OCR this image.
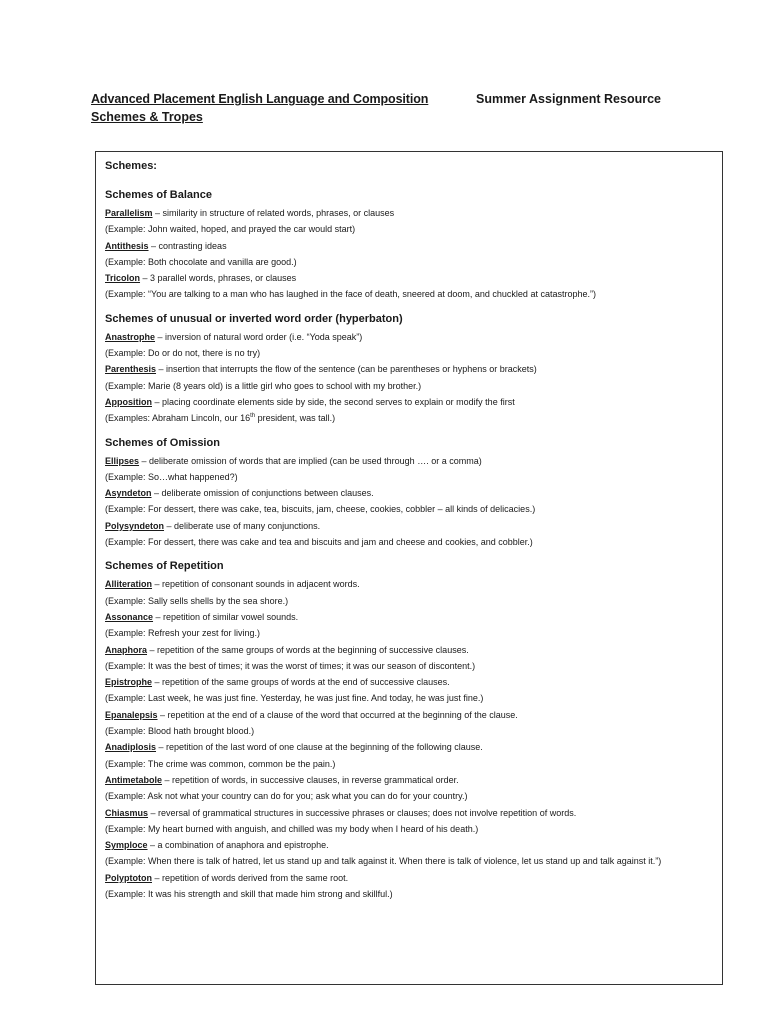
Advanced Placement English Language and Composition	Summer Assignment Resource
Schemes & Tropes
Schemes:
Schemes of Balance
Parallelism – similarity in structure of related words, phrases, or clauses
(Example: John waited, hoped, and prayed the car would start)
Antithesis – contrasting ideas
(Example: Both chocolate and vanilla are good.)
Tricolon – 3 parallel words, phrases, or clauses
(Example: “You are talking to a man who has laughed in the face of death, sneered at doom, and chuckled at catastrophe.”)
Schemes of unusual or inverted word order (hyperbaton)
Anastrophe – inversion of natural word order (i.e. “Yoda speak”)
(Example: Do or do not, there is no try)
Parenthesis – insertion that interrupts the flow of the sentence (can be parentheses or hyphens or brackets)
(Example: Marie (8 years old) is a little girl who goes to school with my brother.)
Apposition – placing coordinate elements side by side, the second serves to explain or modify the first
(Examples: Abraham Lincoln, our 16th president, was tall.)
Schemes of Omission
Ellipses – deliberate omission of words that are implied (can be used through …. or a comma)
(Example: So…what happened?)
Asyndeton – deliberate omission of conjunctions between clauses.
(Example: For dessert, there was cake, tea, biscuits, jam, cheese, cookies, cobbler – all kinds of delicacies.)
Polysyndeton – deliberate use of many conjunctions.
(Example: For dessert, there was cake and tea and biscuits and jam and cheese and cookies, and cobbler.)
Schemes of Repetition
Alliteration – repetition of consonant sounds in adjacent words.
(Example: Sally sells shells by the sea shore.)
Assonance – repetition of similar vowel sounds.
(Example: Refresh your zest for living.)
Anaphora – repetition of the same groups of words at the beginning of successive clauses.
(Example: It was the best of times; it was the worst of times; it was our season of discontent.)
Epistrophe – repetition of the same groups of words at the end of successive clauses.
(Example: Last week, he was just fine. Yesterday, he was just fine. And today, he was just fine.)
Epanalepsis – repetition at the end of a clause of the word that occurred at the beginning of the clause.
(Example: Blood hath brought blood.)
Anadiplosis – repetition of the last word of one clause at the beginning of the following clause.
(Example: The crime was common, common be the pain.)
Antimetabole – repetition of words, in successive clauses, in reverse grammatical order.
(Example: Ask not what your country can do for you; ask what you can do for your country.)
Chiasmus – reversal of grammatical structures in successive phrases or clauses; does not involve repetition of words.
(Example: My heart burned with anguish, and chilled was my body when I heard of his death.)
Symploce – a combination of anaphora and epistrophe.
(Example: When there is talk of hatred, let us stand up and talk against it. When there is talk of violence, let us stand up and talk against it.”)
Polyptoton – repetition of words derived from the same root.
(Example: It was his strength and skill that made him strong and skillful.)
